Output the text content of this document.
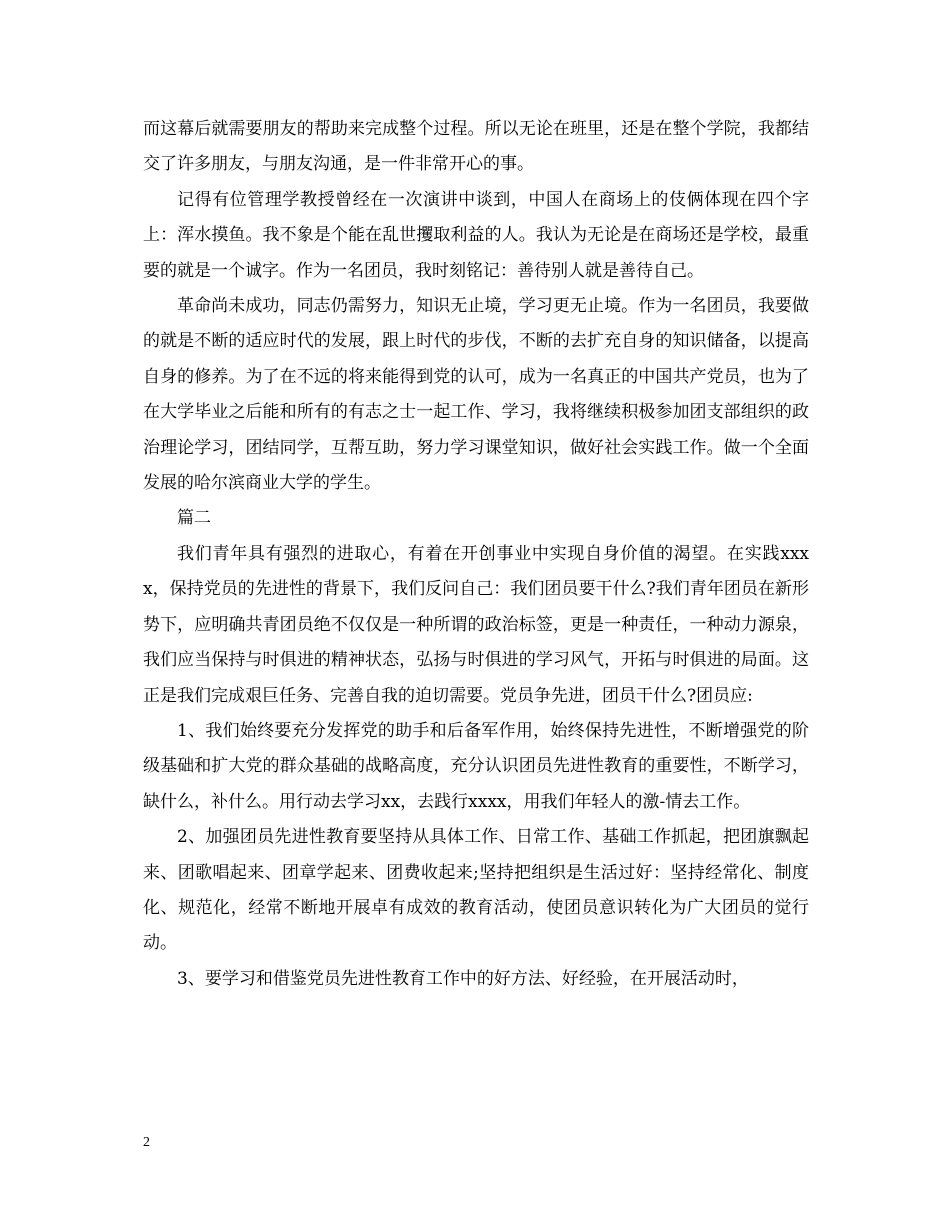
而这幕后就需要朋友的帮助来完成整个过程。所以无论在班里，还是在整个学院，我都结交了许多朋友，与朋友沟通，是一件非常开心的事。

记得有位管理学教授曾经在一次演讲中谈到，中国人在商场上的伎俩体现在四个字上：浑水摸鱼。我不象是个能在乱世攫取利益的人。我认为无论是在商场还是学校，最重要的就是一个诚字。作为一名团员，我时刻铭记：善待别人就是善待自己。

革命尚未成功，同志仍需努力，知识无止境，学习更无止境。作为一名团员，我要做的就是不断的适应时代的发展，跟上时代的步伐，不断的去扩充自身的知识储备，以提高自身的修养。为了在不远的将来能得到党的认可，成为一名真正的中国共产党员，也为了在大学毕业之后能和所有的有志之士一起工作、学习，我将继续积极参加团支部组织的政治理论学习，团结同学，互帮互助，努力学习课堂知识，做好社会实践工作。做一个全面发展的哈尔滨商业大学的学生。

篇二

我们青年具有强烈的进取心，有着在开创事业中实现自身价值的渴望。在实践xxxx，保持党员的先进性的背景下，我们反问自己：我们团员要干什么?我们青年团员在新形势下，应明确共青团员绝不仅仅是一种所谓的政治标签，更是一种责任，一种动力源泉，我们应当保持与时俱进的精神状态，弘扬与时俱进的学习风气，开拓与时俱进的局面。这正是我们完成艰巨任务、完善自我的迫切需要。党员争先进，团员干什么?团员应:

1、我们始终要充分发挥党的助手和后备军作用，始终保持先进性，不断增强党的阶级基础和扩大党的群众基础的战略高度，充分认识团员先进性教育的重要性，不断学习，缺什么，补什么。用行动去学习xx，去践行xxxx，用我们年轻人的激-情去工作。

2、加强团员先进性教育要坚持从具体工作、日常工作、基础工作抓起，把团旗飘起来、团歌唱起来、团章学起来、团费收起来;坚持把组织是生活过好：坚持经常化、制度化、规范化，经常不断地开展卓有成效的教育活动，使团员意识转化为广大团员的觉行动。

3、要学习和借鉴党员先进性教育工作中的好方法、好经验，在开展活动时，

2
